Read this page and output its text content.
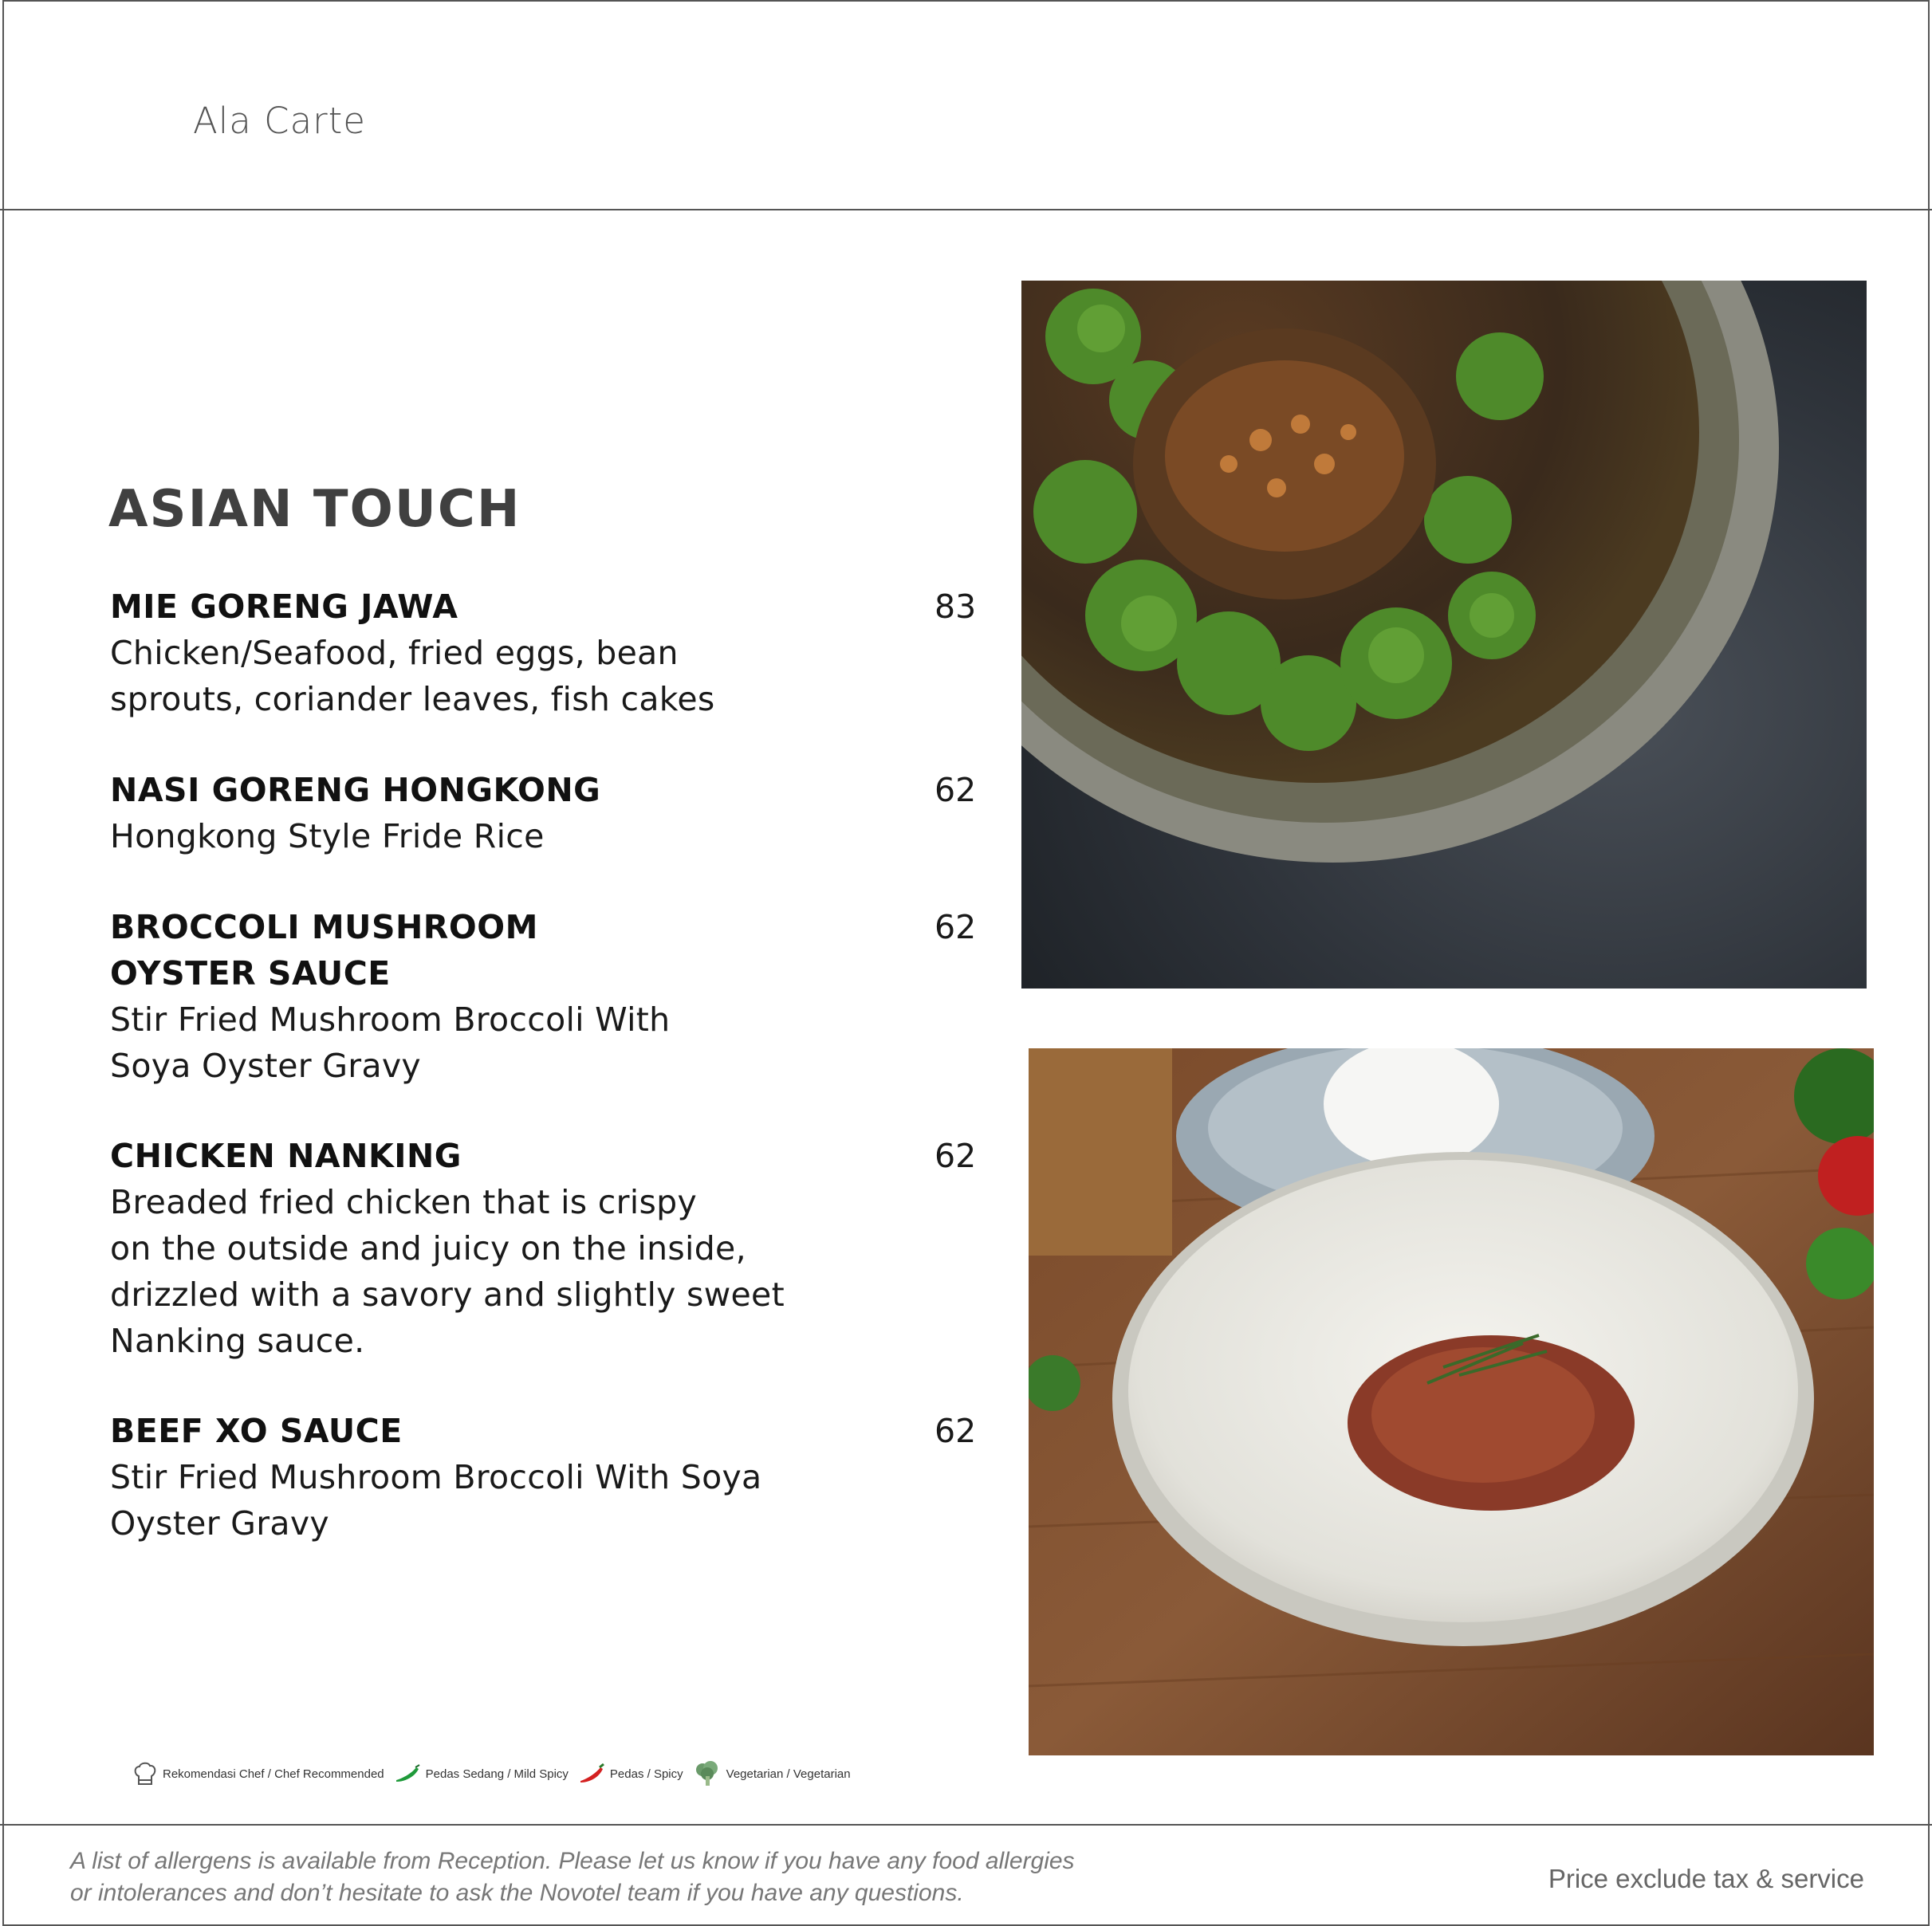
Ala Carte
ASIAN TOUCH
MIE GORENG JAWA	83
Chicken/Seafood, fried eggs, bean
sprouts, coriander leaves, fish cakes
NASI GORENG HONGKONG	62
Hongkong Style Fride Rice
BROCCOLI MUSHROOM
OYSTER SAUCE
62
Stir Fried Mushroom Broccoli With
Soya Oyster Gravy
CHICKEN NANKING	62
Breaded fried chicken that is crispy
on the outside and juicy on the inside,
drizzled with a savory and slightly sweet
Nanking sauce.
BEEF XO SAUCE	62
Stir Fried Mushroom Broccoli With Soya
Oyster Gravy
Rekomendasi Chef / Chef Recommended	Pedas Sedang / Mild Spicy	Pedas / Spicy	Vegetarian / Vegetarian
A list of allergens is available from Reception. Please let us know if you have any food allergies
or intolerances and don’t hesitate to ask the Novotel team if you have any questions.	Price exclude tax & service
